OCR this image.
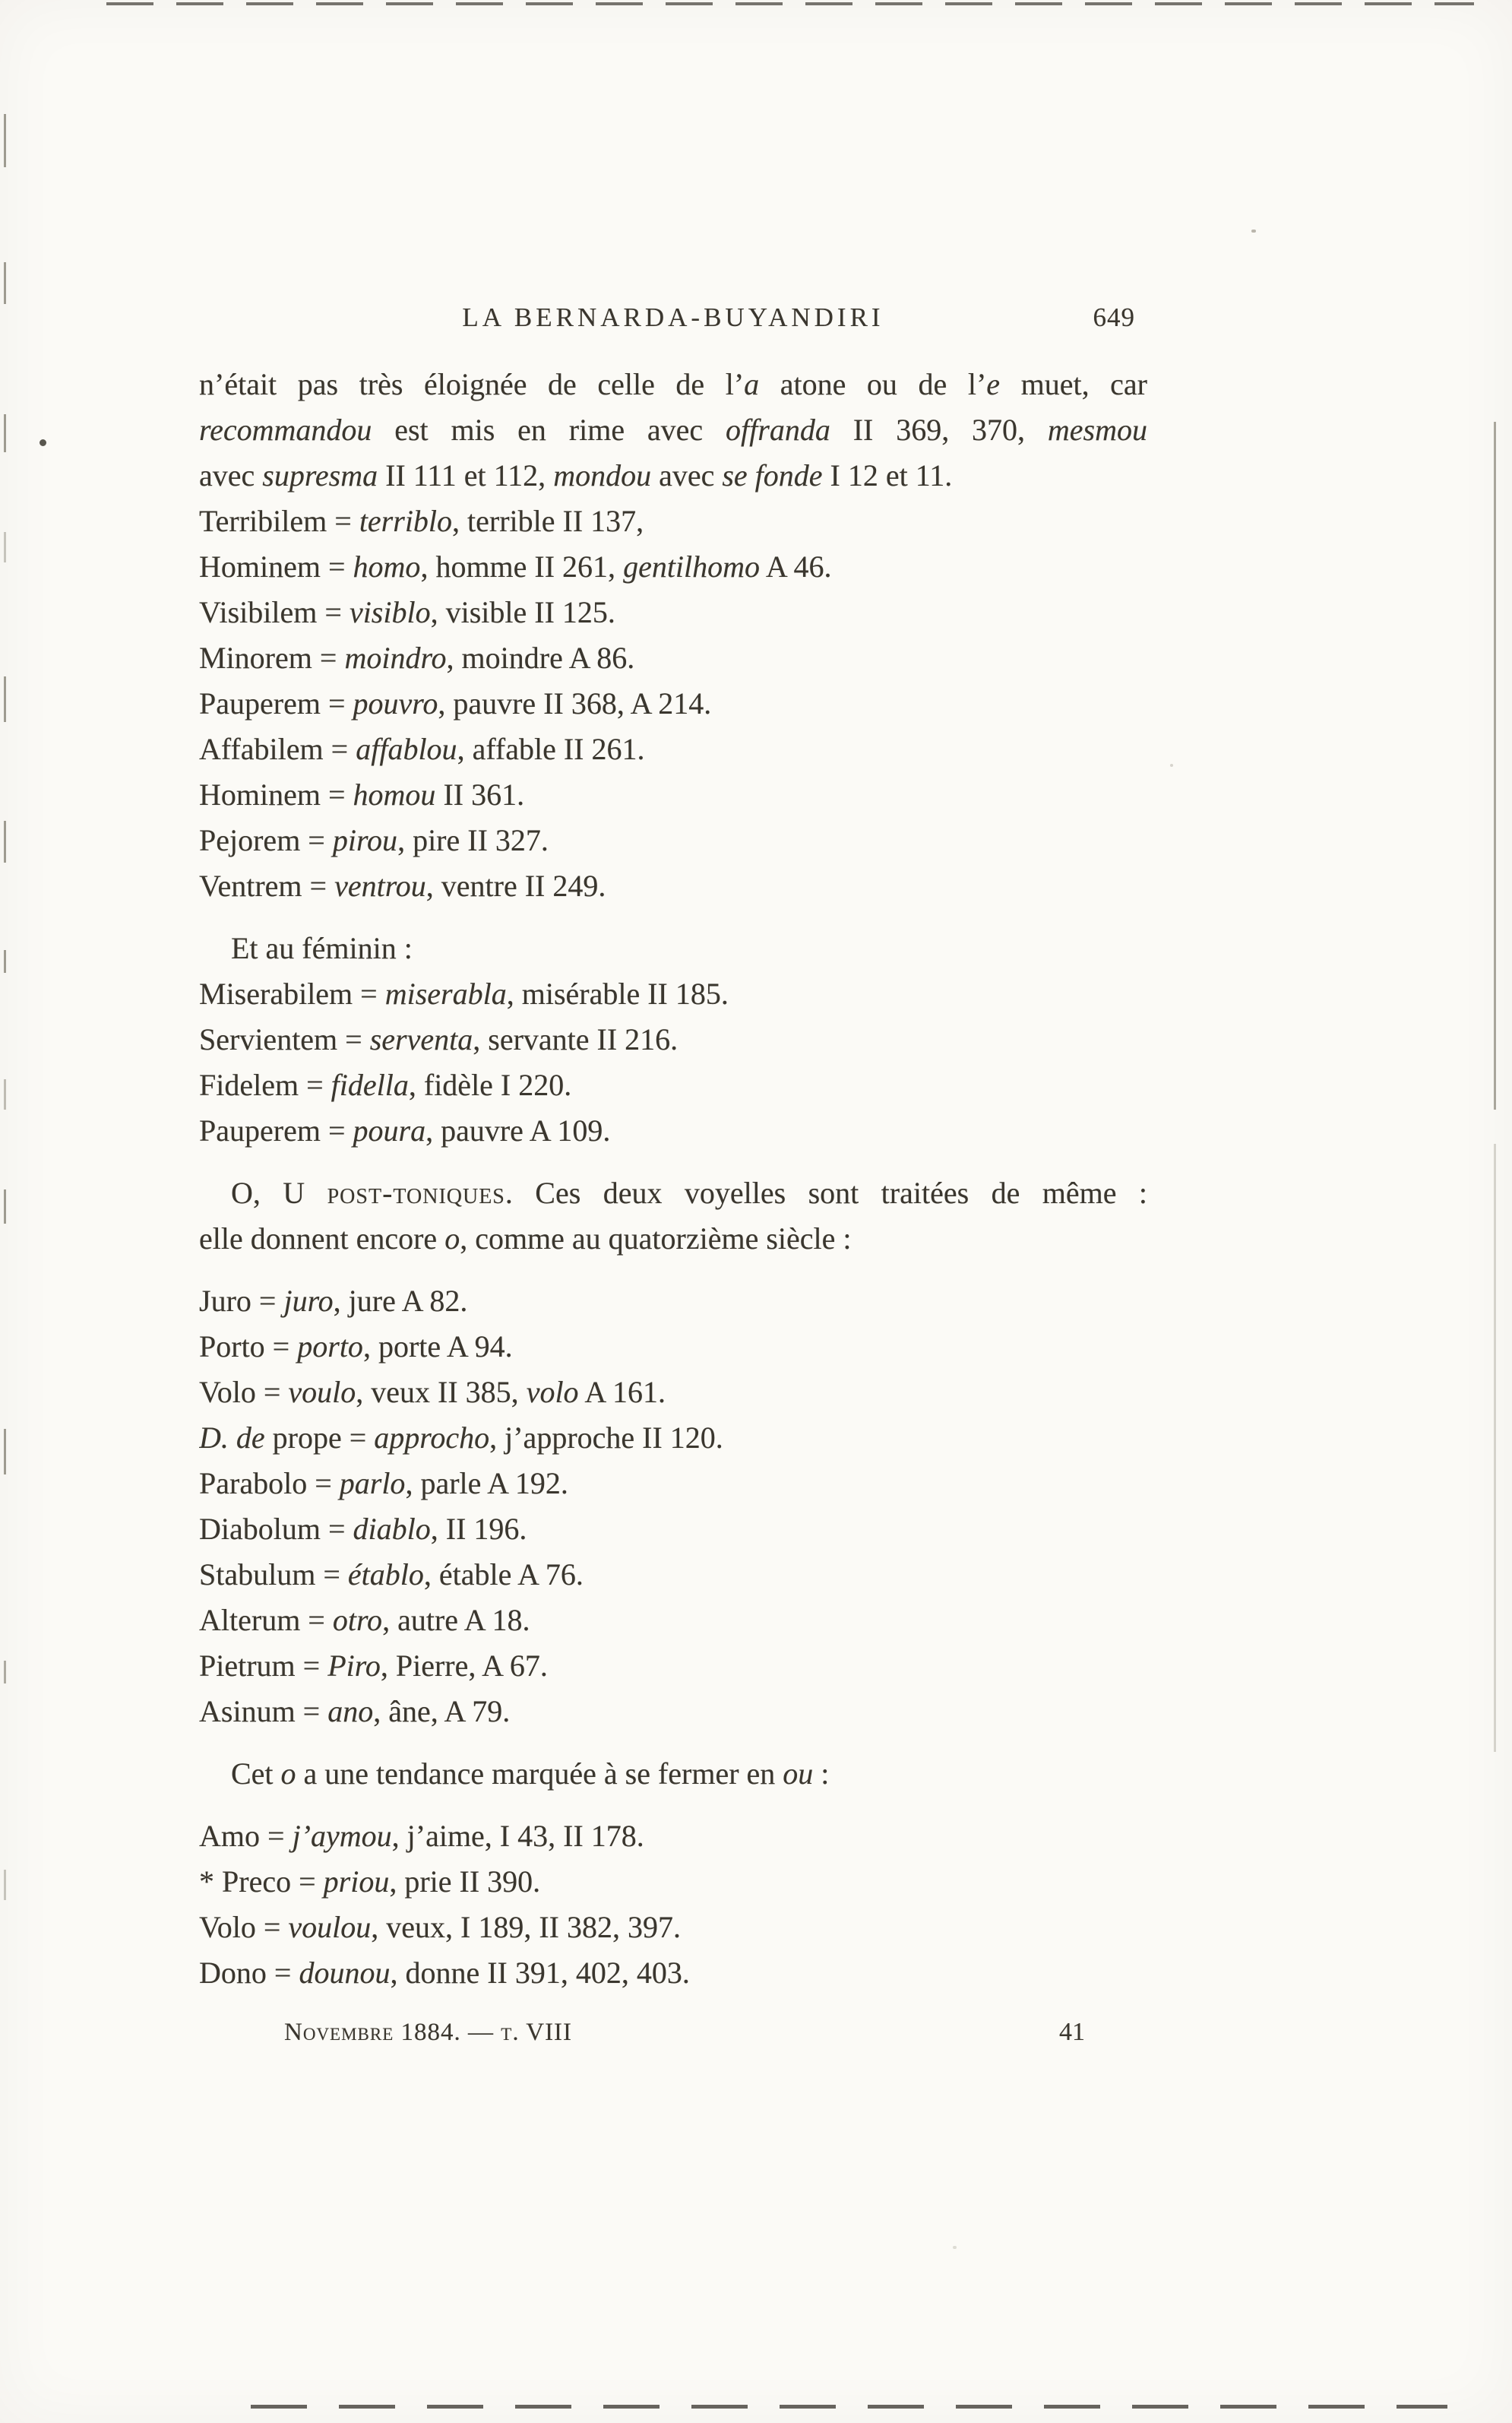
LA BERNARDA-BUYANDIRI	649
n’était pas très éloignée de celle de l’a atone ou de l’e muet, car
recommandou est mis en rime avec offranda II 369, 370, mesmou
avec supresma II 111 et 112, mondou avec se fonde I 12 et 11.
Terribilem = terriblo, terrible II 137,
Hominem = homo, homme II 261, gentilhomo A 46.
Visibilem = visiblo, visible II 125.
Minorem = moindro, moindre A 86.
Pauperem = pouvro, pauvre II 368, A 214.
Affabilem = affablou, affable II 261.
Hominem = homou II 361.
Pejorem = pirou, pire II 327.
Ventrem = ventrou, ventre II 249.
Et au féminin :
Miserabilem = miserabla, misérable II 185.
Servientem = serventa, servante II 216.
Fidelem = fidella, fidèle I 220.
Pauperem = poura, pauvre A 109.
O, U post-toniques. Ces deux voyelles sont traitées de même :
elle donnent encore o, comme au quatorzième siècle :
Juro = juro, jure A 82.
Porto = porto, porte A 94.
Volo = voulo, veux II 385, volo A 161.
D. de prope = approcho, j’approche II 120.
Parabolo = parlo, parle A 192.
Diabolum = diablo, II 196.
Stabulum = établo, étable A 76.
Alterum = otro, autre A 18.
Pietrum = Piro, Pierre, A 67.
Asinum = ano, âne, A 79.
Cet o a une tendance marquée à se fermer en ou :
Amo = j’aymou, j’aime, I 43, II 178.
* Preco = priou, prie II 390.
Volo = voulou, veux, I 189, II 382, 397.
Dono = dounou, donne II 391, 402, 403.
Novembre 1884. — t. VIII	41
